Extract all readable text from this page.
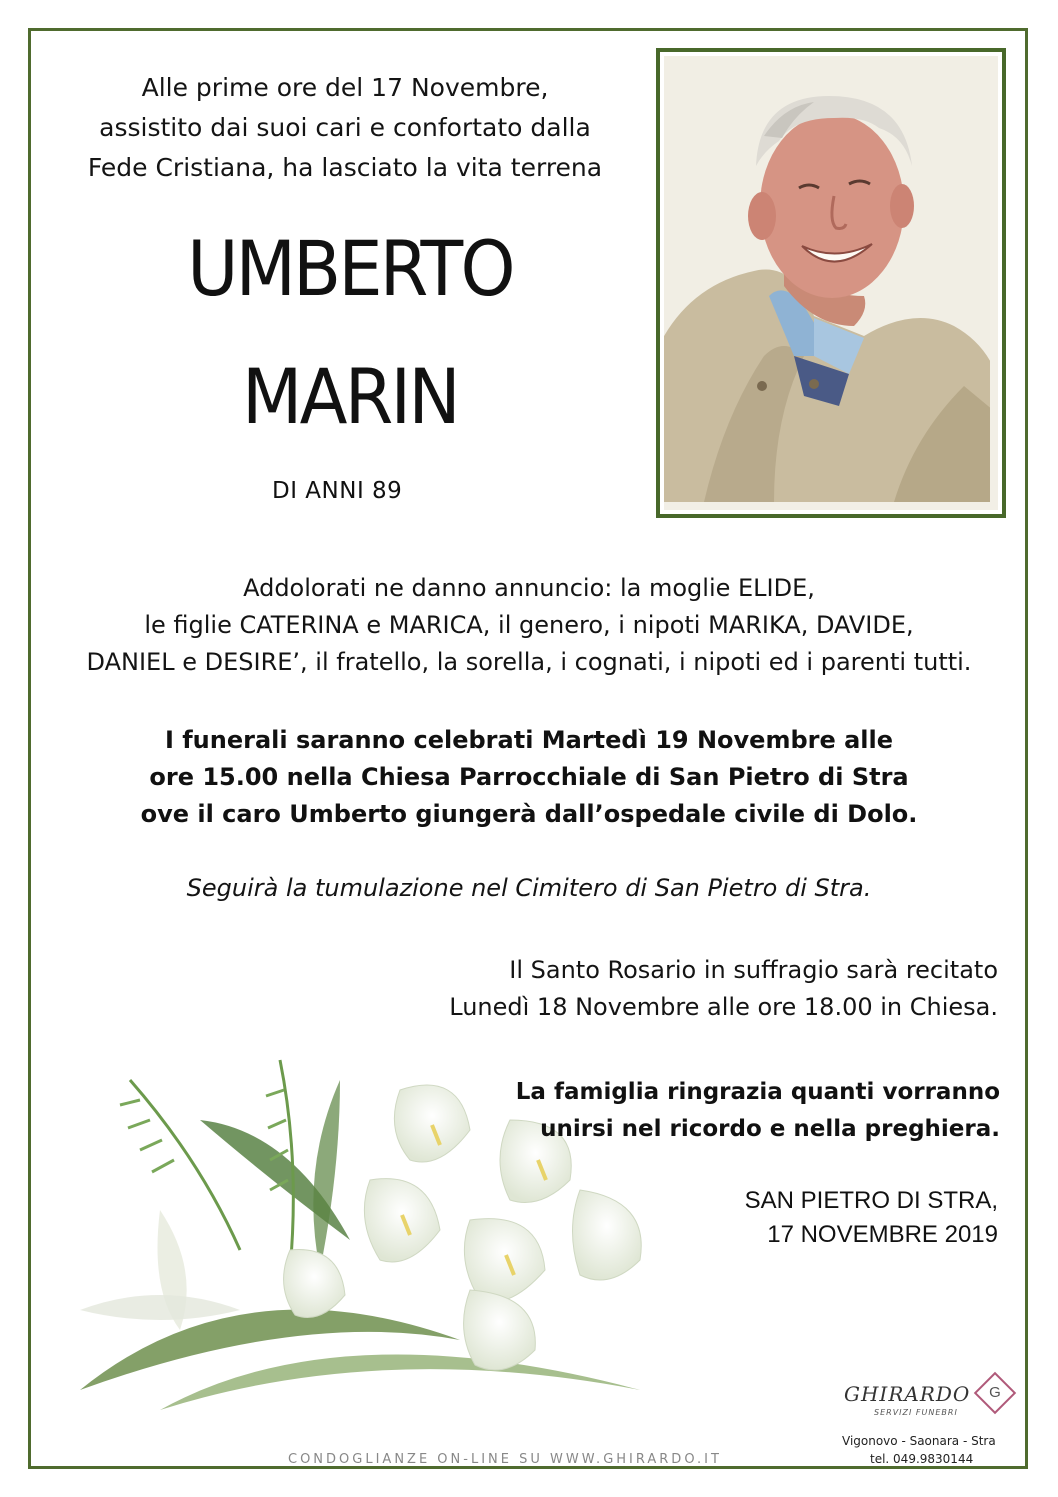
Alle prime ore del 17 Novembre,
assistito dai suoi cari e confortato dalla
Fede Cristiana, ha lasciato la vita terrena
UMBERTO
MARIN
DI ANNI 89
Addolorati ne danno annuncio: la moglie ELIDE,
le figlie CATERINA e MARICA, il genero, i nipoti MARIKA, DAVIDE,
DANIEL e DESIRE’, il fratello, la sorella, i cognati, i nipoti ed i parenti tutti.
I funerali saranno celebrati Martedì 19 Novembre alle
ore 15.00 nella Chiesa Parrocchiale di San Pietro di Stra
ove il caro Umberto giungerà dall’ospedale civile di Dolo.
Seguirà la tumulazione nel Cimitero di San Pietro di Stra.
Il Santo Rosario in suffragio sarà recitato
Lunedì 18 Novembre alle ore 18.00 in Chiesa.
La famiglia ringrazia quanti vorranno
unirsi nel ricordo e nella preghiera.
SAN PIETRO DI STRA,
17 NOVEMBRE 2019
GHIRARDO
SERVIZI FUNEBRI
G
Vigonovo - Saonara - Stra
tel. 049.9830144
CONDOGLIANZE ON-LINE SU WWW.GHIRARDO.IT
